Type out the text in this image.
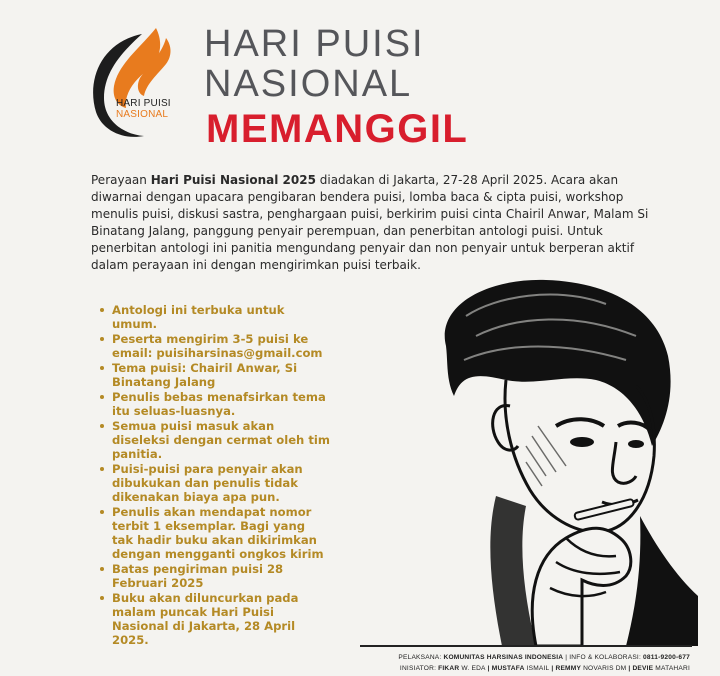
HARI PUISI
NASIONAL
HARI PUISI
NASIONAL
MEMANGGIL
Perayaan Hari Puisi Nasional 2025 diadakan di Jakarta, 27-28 April 2025. Acara akan diwarnai dengan upacara pengibaran bendera puisi, lomba baca & cipta puisi, workshop menulis puisi, diskusi sastra, penghargaan puisi, berkirim puisi cinta Chairil Anwar, Malam Si Binatang Jalang, panggung penyair perempuan, dan penerbitan antologi puisi. Untuk penerbitan antologi ini panitia mengundang penyair dan non penyair untuk berperan aktif dalam perayaan ini dengan mengirimkan puisi terbaik.
Antologi ini terbuka untuk umum.
Peserta mengirim 3-5 puisi ke email: puisiharsinas@gmail.com
Tema puisi: Chairil Anwar, Si Binatang Jalang
Penulis bebas menafsirkan tema itu seluas-luasnya.
Semua puisi masuk akan diseleksi dengan cermat oleh tim panitia.
Puisi-puisi para penyair akan dibukukan dan penulis tidak dikenakan biaya apa pun.
Penulis akan mendapat nomor terbit 1 eksemplar. Bagi yang tak hadir buku akan dikirimkan dengan mengganti ongkos kirim
Batas pengiriman puisi 28 Februari 2025
Buku akan diluncurkan pada malam puncak Hari Puisi Nasional di Jakarta, 28 April 2025.
PELAKSANA: KOMUNITAS HARSINAS INDONESIA | INFO & KOLABORASI: 0811-9200-677
INISIATOR: FIKAR W. EDA | MUSTAFA ISMAIL | REMMY NOVARIS DM | DEVIE MATAHARI
